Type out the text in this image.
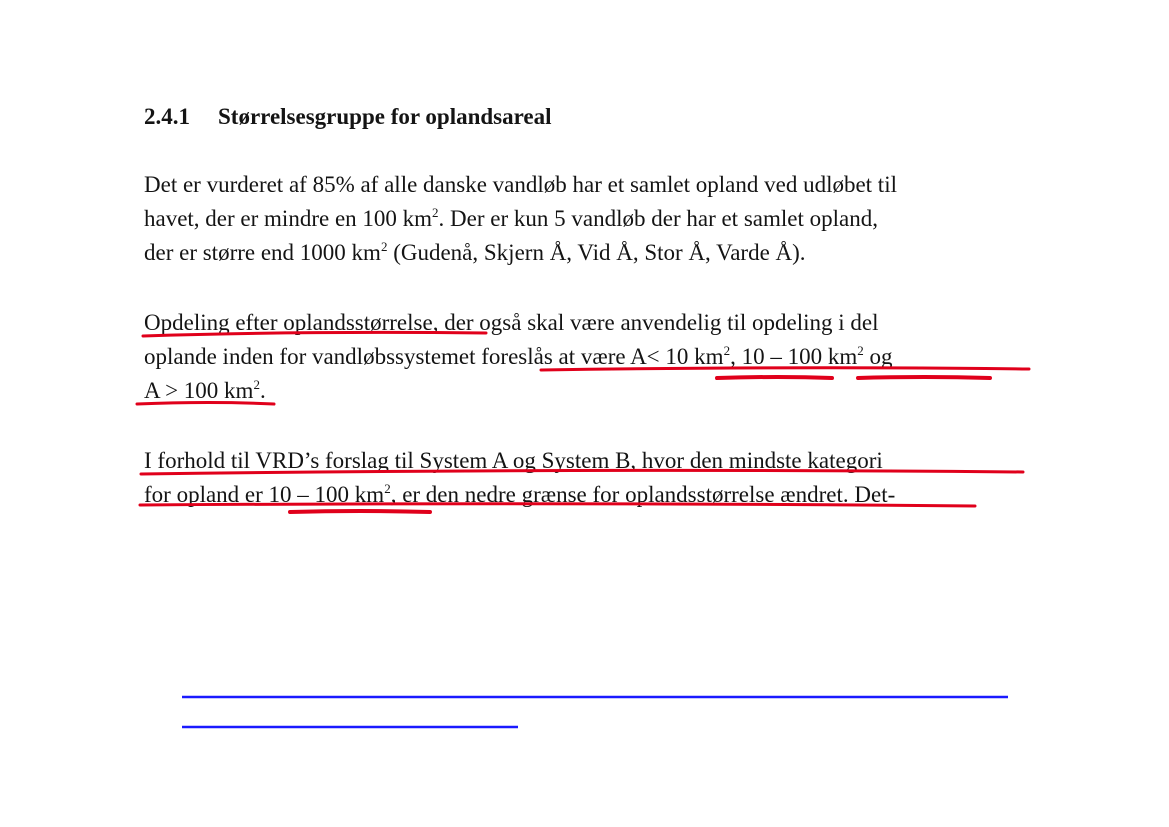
2.4.1 Størrelsesgruppe for oplandsareal

Det er vurderet af 85% af alle danske vandløb har et samlet opland ved udløbet til

havet, der er mindre en 100 $km^2$. Der er kun 5 vandløb der har et samlet opland,

der er større end 1000 $km^2$ (Gudenå, Skjern Å, Vid Å, Stor Å, Varde Å).

Opdeling efter oplandsstørrelse, der også skal være anvendelig til opdeling i del

oplande inden for vandløbssystemet foreslås at være A< 10 $km^2$, 10 – 100 $km^2$ og

A > 100 $km^2$.

I forhold til VRD’s forslag til System A og System B, hvor den mindste kategori

for opland er 10 – 100 $km^2$, er den nedre grænse for oplandsstørrelse ændret. Det-
